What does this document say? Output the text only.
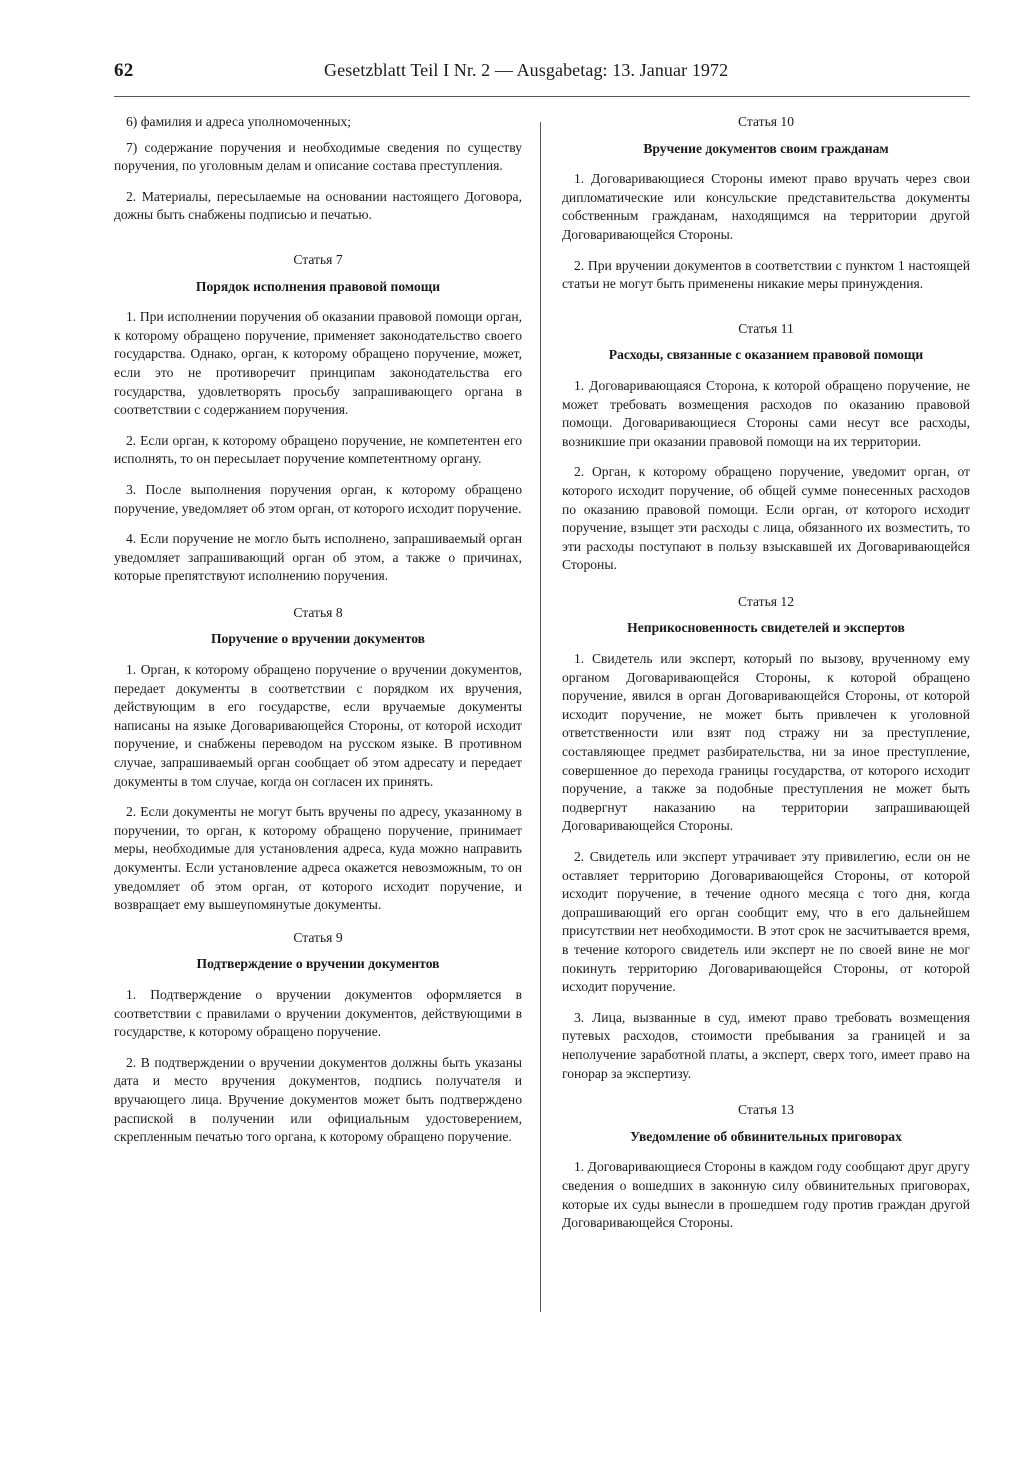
62	Gesetzblatt Teil I Nr. 2 — Ausgabetag: 13. Januar 1972

6) фамилия и адреса уполномоченных;

7) содержание поручения и необходимые сведения по существу поручения, по уголовным делам и описание состава преступления.

2. Материалы, пересылаемые на основании настоящего Договора, дожны быть снабжены подписью и печатью.

Статья 7
Порядок исполнения правовой помощи

1. При исполнении поручения об оказании правовой помощи орган, к которому обращено поручение, применяет законодательство своего государства. Однако, орган, к которому обращено поручение, может, если это не противоречит принципам законодательства его государства, удовлетворять просьбу запрашивающего органа в соответствии с содержанием поручения.

2. Если орган, к которому обращено поручение, не компетентен его исполнять, то он пересылает поручение компетентному органу.

3. После выполнения поручения орган, к которому обращено поручение, уведомляет об этом орган, от которого исходит поручение.

4. Если поручение не могло быть исполнено, запрашиваемый орган уведомляет запрашивающий орган об этом, а также о причинах, которые препятствуют исполнению поручения.

Статья 8
Поручение о вручении документов

1. Орган, к которому обращено поручение о вручении документов, передает документы в соответствии с порядком их вручения, действующим в его государстве, если вручаемые документы написаны на языке Договаривающейся Стороны, от которой исходит поручение, и снабжены переводом на русском языке. В противном случае, запрашиваемый орган сообщает об этом адресату и передает документы в том случае, когда он согласен их принять.

2. Если документы не могут быть вручены по адресу, указанному в поручении, то орган, к которому обращено поручение, принимает меры, необходимые для установления адреса, куда можно направить документы. Если установление адреса окажется невозможным, то он уведомляет об этом орган, от которого исходит поручение, и возвращает ему вышеупомянутые документы.

Статья 9
Подтверждение о вручении документов

1. Подтверждение о вручении документов оформляется в соответствии с правилами о вручении документов, действующими в государстве, к которому обращено поручение.

2. В подтверждении о вручении документов должны быть указаны дата и место вручения документов, подпись получателя и вручающего лица. Вручение документов может быть подтверждено распиской в получении или официальным удостоверением, скрепленным печатью того органа, к которому обращено поручение.

Статья 10
Вручение документов своим гражданам

1. Договаривающиеся Стороны имеют право вручать через свои дипломатические или консульские представительства документы собственным гражданам, находящимся на территории другой Договаривающейся Стороны.

2. При вручении документов в соответствии с пунктом 1 настоящей статьи не могут быть применены никакие меры принуждения.

Статья 11
Расходы, связанные с оказанием правовой помощи

1. Договаривающаяся Сторона, к которой обращено поручение, не может требовать возмещения расходов по оказанию правовой помощи. Договаривающиеся Стороны сами несут все расходы, возникшие при оказании правовой помощи на их территории.

2. Орган, к которому обращено поручение, уведомит орган, от которого исходит поручение, об общей сумме понесенных расходов по оказанию правовой помощи. Если орган, от которого исходит поручение, взыщет эти расходы с лица, обязанного их возместить, то эти расходы поступают в пользу взыскавшей их Договаривающейся Стороны.

Статья 12
Неприкосновенность свидетелей и экспертов

1. Свидетель или эксперт, который по вызову, врученному ему органом Договаривающейся Стороны, к которой обращено поручение, явился в орган Договаривающейся Стороны, от которой исходит поручение, не может быть привлечен к уголовной ответственности или взят под стражу ни за преступление, составляющее предмет разбирательства, ни за иное преступление, совершенное до перехода границы государства, от которого исходит поручение, а также за подобные преступления не может быть подвергнут наказанию на территории запрашивающей Договаривающейся Стороны.

2. Свидетель или эксперт утрачивает эту привилегию, если он не оставляет территорию Договаривающейся Стороны, от которой исходит поручение, в течение одного месяца с того дня, когда допрашивающий его орган сообщит ему, что в его дальнейшем присутствии нет необходимости. В этот срок не засчитывается время, в течение которого свидетель или эксперт не по своей вине не мог покинуть территорию Договаривающейся Стороны, от которой исходит поручение.

3. Лица, вызванные в суд, имеют право требовать возмещения путевых расходов, стоимости пребывания за границей и за неполучение заработной платы, а эксперт, сверх того, имеет право на гонорар за экспертизу.

Статья 13
Уведомление об обвинительных приговорах

1. Договаривающиеся Стороны в каждом году сообщают друг другу сведения о вошедших в законную силу обвинительных приговорах, которые их суды вынесли в прошедшем году против граждан другой Договаривающейся Стороны.
